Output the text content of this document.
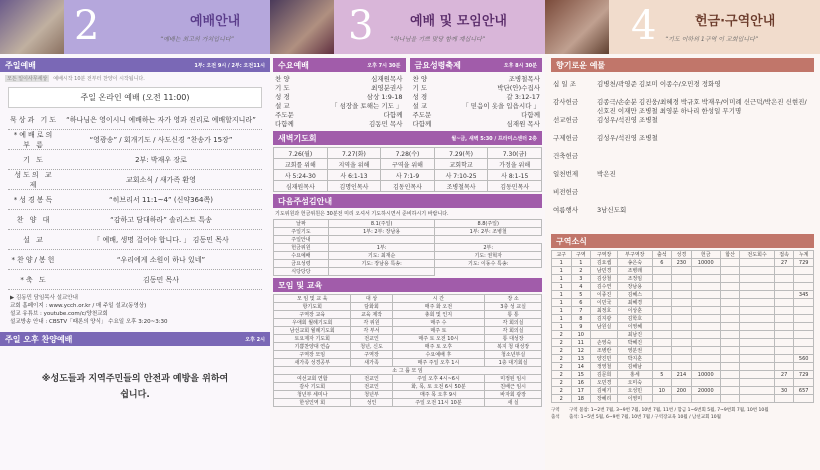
2	예배안내
“예배는 최고의 가치입니다”
주일예배	1부: 오전 9시 / 2부: 오전11시
모든 일이사무세상	예배시작 10분 전부터 찬양이 시작됩니다.
주일 온라인 예배 (오전 11:00)
묵상과 기도	“하나님은 영이시니 예배하는 자가 영과 진리로 예배할지니라”
*예배로의 부 름
“영광송” / 회개기도 / 사도신경 “찬송가 15장”
기 도	2부: 박재우 장로
성도의 교 제
교회소식 / 새가족 환영
*성경봉독	“히브리서 11:1~4” (신약364쪽)
찬 양 대	“감하고 담대하라” 솔리스트 특송
설 교	「 예배, 생명 걸어야 합니다. 」 김동민 목사
*찬양/봉헌	“우리에게 소원이 하나 있네”
*축 도	김동민 목사
▶ 김동민 담임목사 설교안내
교회 홈페이지 : www.ycch.or.kr / 매 주일 설교(동영상)
설교 유튜브 : youtube.com/c/양천교회
설교방송 안내 : CBSTV「때론의 양식」 수요일 오후 3:20~3:30
주일 오후 찬양예배	오후 2시
※성도들과 지역주민들의 안전과 예방을 위하여 쉽니다.
3	예배 및 모임안내
“하나님을 기쁘 맞당 함께 계십니다”
수요예배	오후 7시 30분 금요성령축제	오후 8시 30분
찬 양	심재원목사
기 도	최영분권사
성 경	삼상 1:9-18
설 교	「 섬장을 토해는 기도 」
주도문	다함께
다함께	김동민 목사
찬 양	조병철목사
기 도	박단(안)수집사
성 경	갈 3:12-17
설 교	「 믿음이 옷을 입읍시다 」
주도문	다함께
다함께	심재원 목사
새벽기도회	월~금, 새벽 5:30 / 프라미스센터 2층
7.26(월)	7.27(화)	7.28(수)	7.29(목)	7.30(금)
교회를 위해	지역을 위해	구역을 위해	교회학교	가정을 위해
사 5:24-30	사 6:1-13	사 7:1-9	사 7:10-25	사 8:1-15
심재원목사	김명인목사	김동인목사	조병철목사	김동민목사
다음주섬김안내
기도위원과 헌금위원은 30분전 미리 오셔서 기도하시면서 준비하시기 바랍니다.
날짜	8.1(주일)	8.8(주일)
주일기도	1부: 2부: 장남용	1부: 2부: 조병철
주일안내		
헌금위원	1부:	2부:
수요예배	기도: 최재순	기도: 권혁자
금요성령	기도: 장남용 특송:	기도: 이동수 특송:
식당당당		
모임 및 교육
모 임 및 교 육	대 상	시 간	장 소
항기도회	담화회	매주 화 오전	3층 성 교실
구역장 교육	교육 제작	총회 및 인지	통 통
우애회 월례기도회	각 위원	매주 수	각 회의실
남선교회 월례기도회	각 부서	매주 토	각 회의실
토요제자 기도회	전교인	매주 토 오전 10시	통 대성장
기쁨찬양대 연습	청년, 신도	매주 토 오후	복지 청 대성장
구역장 모임	구역장	수요예배 후	청소년부실
새가족 성경공부	새가족	매주 주일 오후 1시	1층 대기회실
소 그 룹 모 임			
여선교회 연합	전교인	주일 오후 4시~6시	미정된 임시
감사 기도회	전교인	화, 목, 토 오전 6시 50분	친배근 임시
청년부 세미나	청년부	매주 목 오후 9시	바자회 광장
한성인역 회	성인	주일 오전 11시 10분	새 실
4	헌금·구역안내
“기도 이하의 1구역 이 교회입니다”
향기로운 예물
십 일 조	김병천/곽영준 김보미 이종수/오민경 정화영
감사헌금	김종극/손순분 김진웅/최혜경 박규호 박재우/이미례 신근덕/박은진 신현진/신호진 이재만 조병철 최영분 하나리 한성일 무기명
선교헌금	김성우/석진영 조병철
구제헌금	김성우/석진영 조병철
건축헌금
일천번제	박은진
비전헌금
여름행사	3남신도회
구역소식
교구	구역	구역장	부구역장	출석	성경	헌금	합산	전도회수	접속	누계
1	1	김요셉	송은숙	6	230	10000			27	729
1	2	남민경	조병래							
1	3	김상철	조정임							
1	4	김수연	장남용							
1	5	이종진	김혜스							345
1	6	이민국	최혜경							
1	7	최정호	이상훈							
1	8	김지광	김학호							
1	9	남원실	이영혜							
2	10		최남진							
2	11	손영숙	박혜진							
2	12	조병란	영분권							
2	13	양진민	박지훈							560
2	14	정영철	김해남							
2	15	김문희	홍세	5	214	10000			27	729
2	16	오민경	오미숙							
2	17	김예기	오성민	10	200	20000			30	657
2	18	장혜리	이영미							
구역	구역 불참: 1~2번 7월, 3~9번 7월, 10번 7월, 11번 / 합금 1~6번회 5월, 7~9번회 7월, 10번 10월
출석	출석: 1~5번 5월, 6~9번 7월, 10번 7월 / 구역장교육 10월 / 남선교회 10월
